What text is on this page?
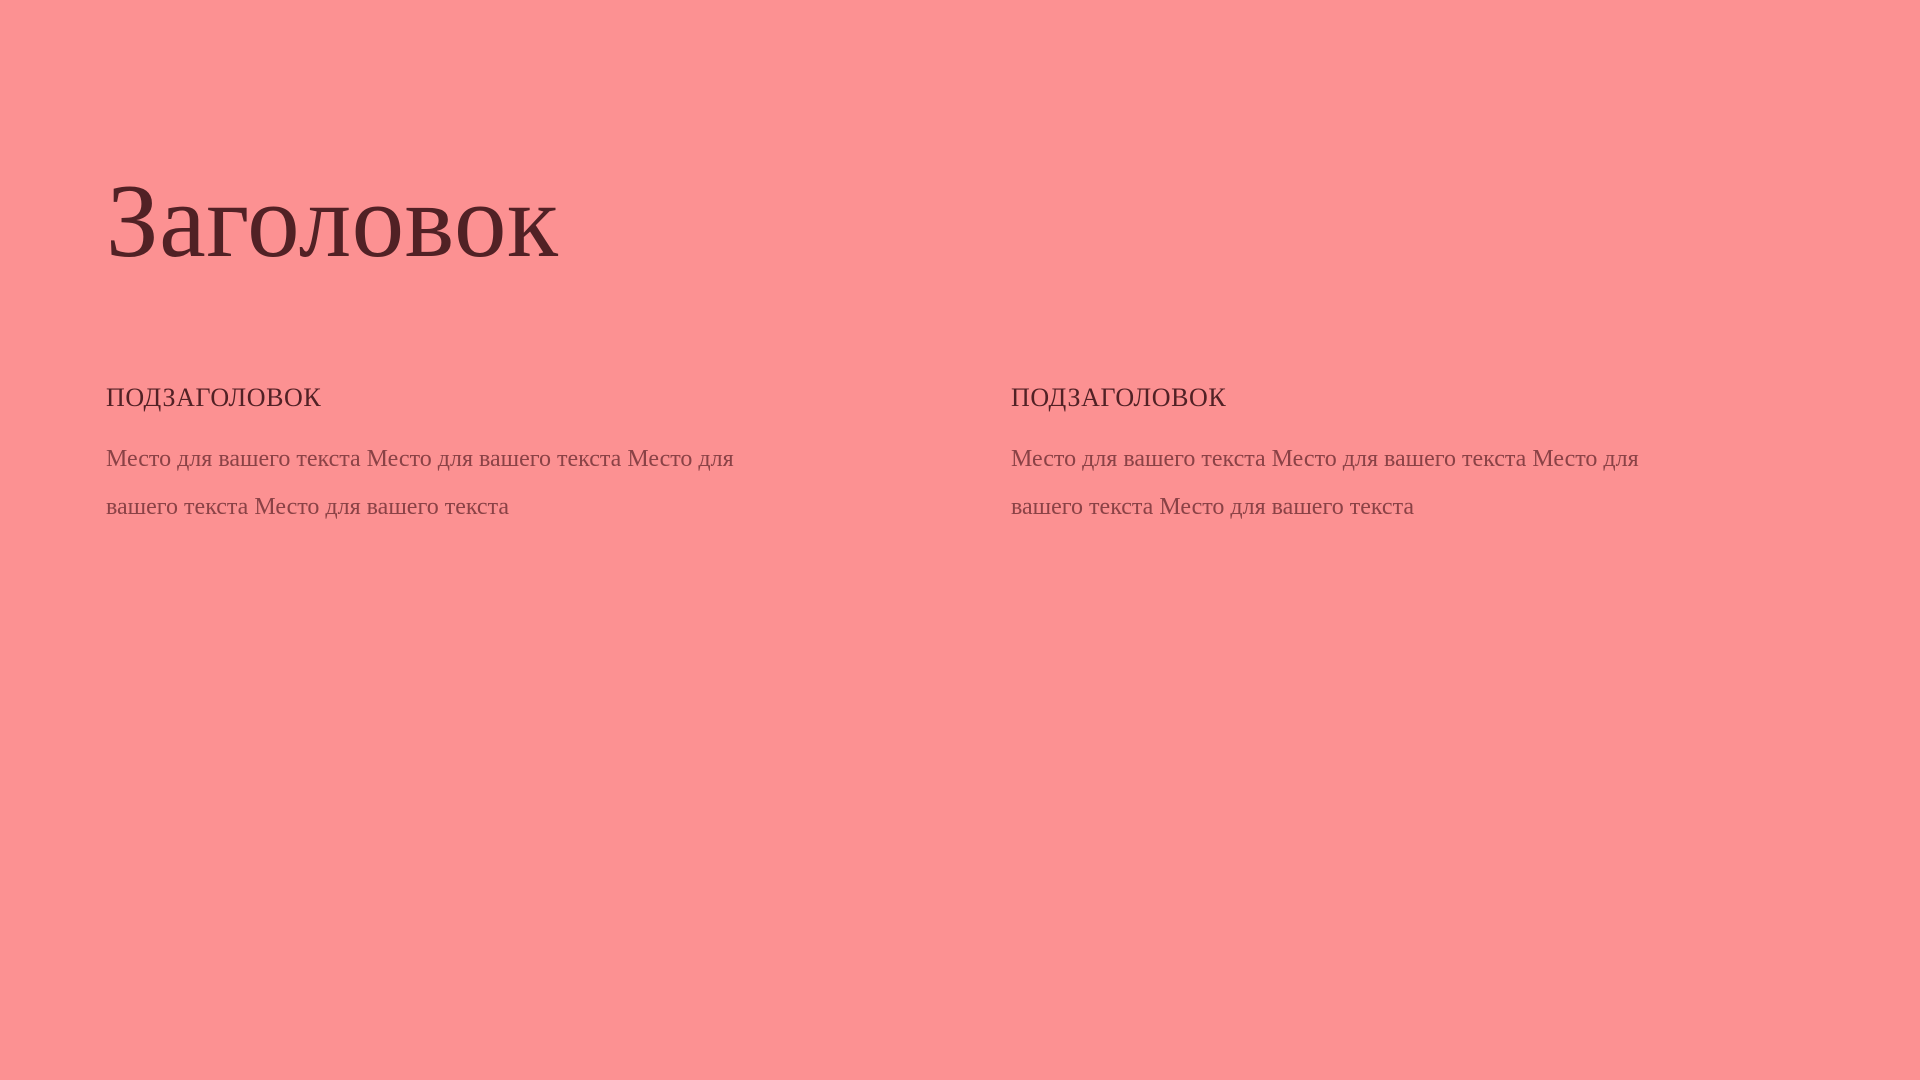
Заголовок
ПОДЗАГОЛОВОК

Место для вашего текста Место для вашего текста Место для вашего текста Место для вашего текста

ПОДЗАГОЛОВОК

Место для вашего текста Место для вашего текста Место для вашего текста Место для вашего текста
